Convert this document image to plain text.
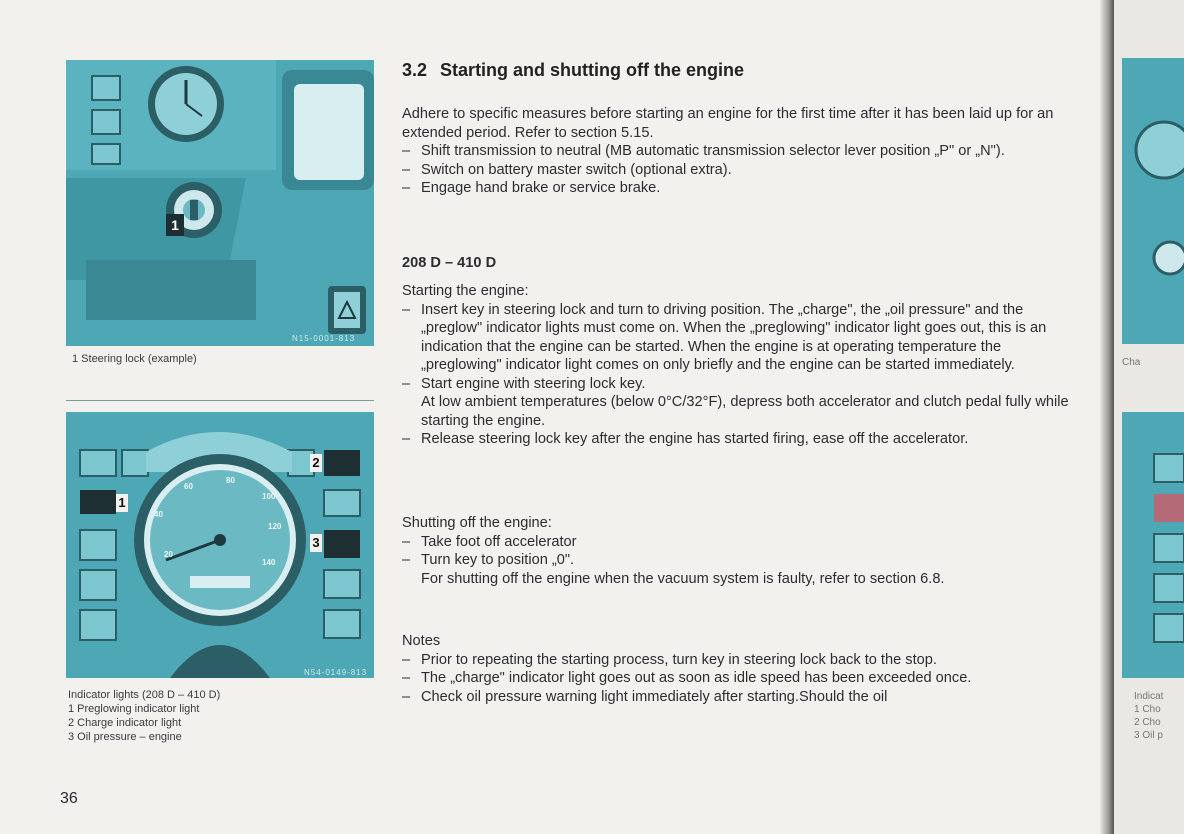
1
N15-0001-813
1 Steering lock (example)
20
40
60
80
100
120
140
1
2
3
N54-0149-813
Indicator lights (208 D – 410 D)
1 Preglowing indicator light
2 Charge indicator light
3 Oil pressure – engine
3.2 Starting and shutting off the engine

Adhere to specific measures before starting an engine for the first time after it has been laid up for an extended period. Refer to section 5.15.

– Shift transmission to neutral (MB automatic transmission selector lever position „P" or „N").

– Switch on battery master switch (optional extra).

– Engage hand brake or service brake.

208 D – 410 D

Starting the engine:

– Insert key in steering lock and turn to driving position. The „charge", the „oil pressure" and the „preglow" indicator lights must come on. When the „preglowing" indicator light goes out, this is an indication that the engine can be started. When the engine is at operating temperature the „preglowing" indicator light comes on only briefly and the engine can be started immediately.

– Start engine with steering lock key.

At low ambient temperatures (below 0°C/32°F), depress both accelerator and clutch pedal fully while starting the engine.

– Release steering lock key after the engine has started firing, ease off the accelerator.

Shutting off the engine:

– Take foot off accelerator

– Turn key to position „0".

For shutting off the engine when the vacuum system is faulty, refer to section 6.8.

Notes

– Prior to repeating the starting process, turn key in steering lock back to the stop.

– The „charge" indicator light goes out as soon as idle speed has been exceeded once.

– Check oil pressure warning light immediately after starting.Should the oil

36
Cha
Indicat
1 Cho
2 Cho
3 Oil p
